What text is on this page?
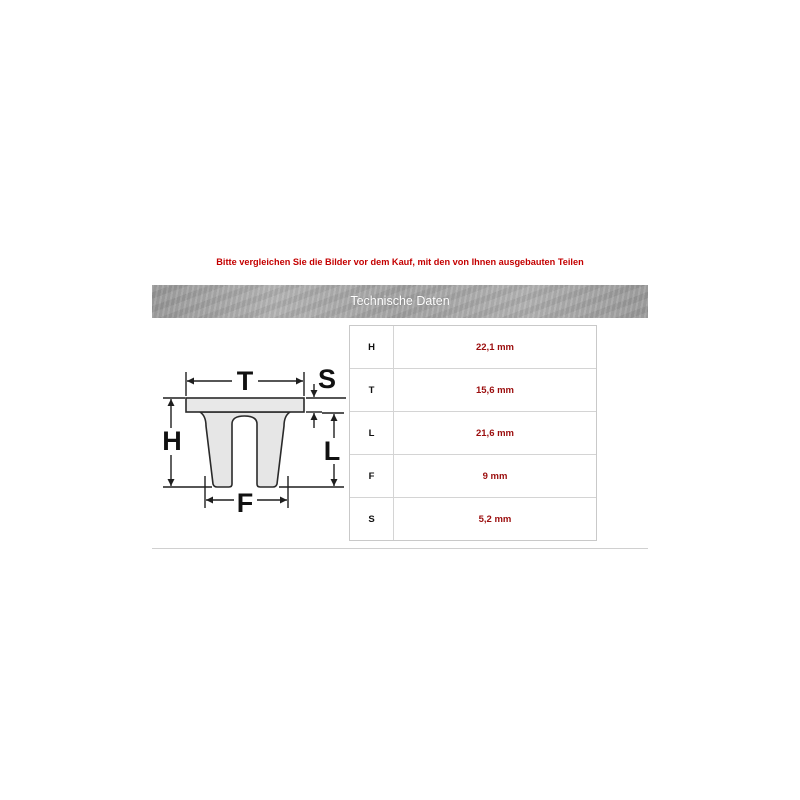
Bitte vergleichen Sie die Bilder vor dem Kauf, mit den von Ihnen ausgebauten Teilen
Technische Daten
T S
H	L
F
H	22,1 mm
T	15,6 mm
L	21,6 mm
F	9 mm
S	5,2 mm
